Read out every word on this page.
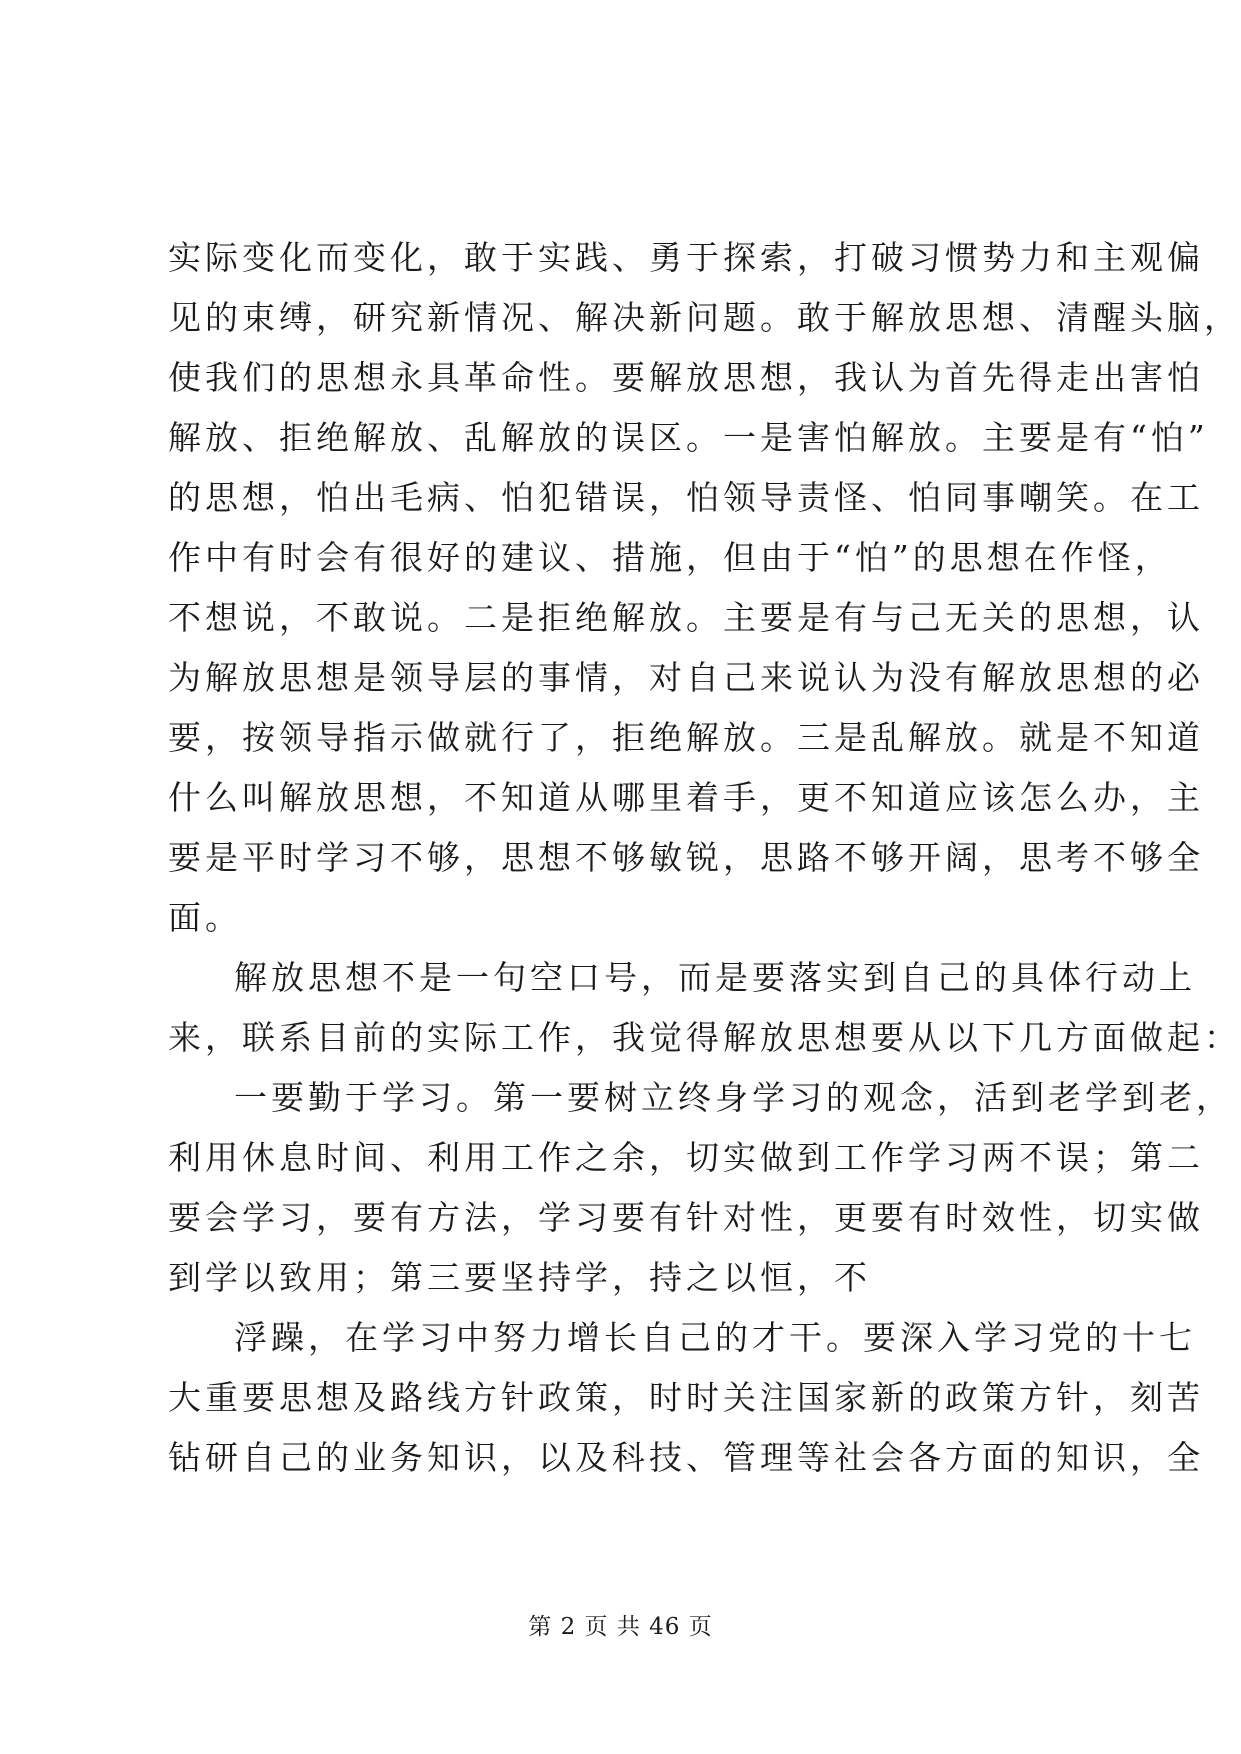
实际变化而变化，敢于实践、勇于探索，打破习惯势力和主观偏
见的束缚，研究新情况、解决新问题。敢于解放思想、清醒头脑，
使我们的思想永具革命性。要解放思想，我认为首先得走出害怕
解放、拒绝解放、乱解放的误区。一是害怕解放。主要是有“怕”
的思想，怕出毛病、怕犯错误，怕领导责怪、怕同事嘲笑。在工
作中有时会有很好的建议、措施，但由于“怕”的思想在作怪，
不想说，不敢说。二是拒绝解放。主要是有与己无关的思想，认
为解放思想是领导层的事情，对自己来说认为没有解放思想的必
要，按领导指示做就行了，拒绝解放。三是乱解放。就是不知道
什么叫解放思想，不知道从哪里着手，更不知道应该怎么办，主
要是平时学习不够，思想不够敏锐，思路不够开阔，思考不够全
面。
解放思想不是一句空口号，而是要落实到自己的具体行动上
来，联系目前的实际工作，我觉得解放思想要从以下几方面做起：
一要勤于学习。第一要树立终身学习的观念，活到老学到老，
利用休息时间、利用工作之余，切实做到工作学习两不误；第二
要会学习，要有方法，学习要有针对性，更要有时效性，切实做
到学以致用；第三要坚持学，持之以恒，不
浮躁，在学习中努力增长自己的才干。要深入学习党的十七
大重要思想及路线方针政策，时时关注国家新的政策方针，刻苦
钻研自己的业务知识，以及科技、管理等社会各方面的知识，全
第 2 页 共 46 页
